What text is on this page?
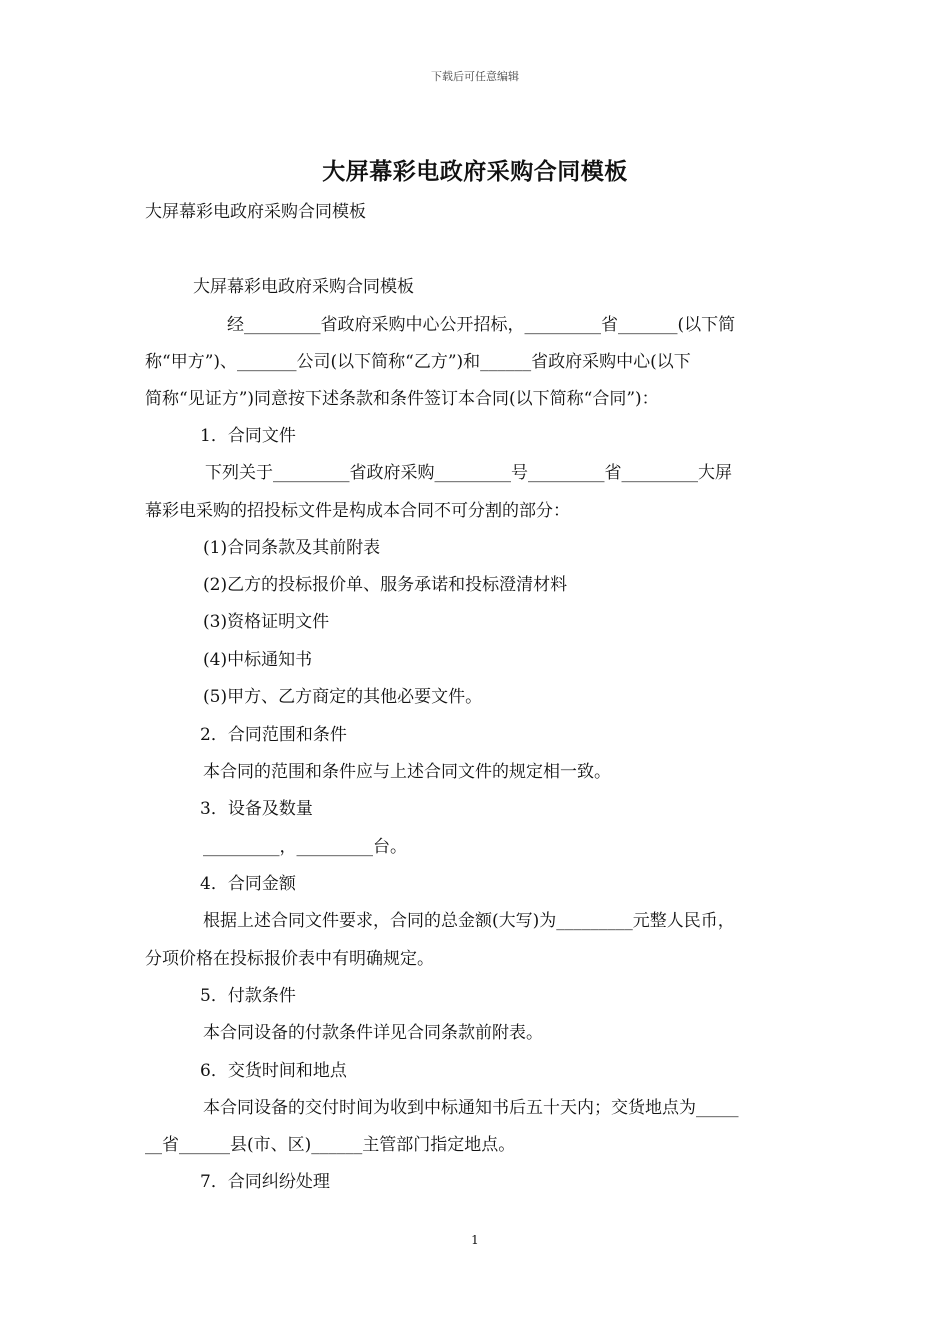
下载后可任意编辑
大屏幕彩电政府采购合同模板
大屏幕彩电政府采购合同模板
大屏幕彩电政府采购合同模板
经_________省政府采购中心公开招标，_________省_______(以下简
称“甲方”)、_______公司(以下简称“乙方”)和______省政府采购中心(以下
简称“见证方”)同意按下述条款和条件签订本合同(以下简称“合同”)：
1．合同文件
下列关于_________省政府采购_________号_________省_________大屏
幕彩电采购的招投标文件是构成本合同不可分割的部分：
(1)合同条款及其前附表
(2)乙方的投标报价单、服务承诺和投标澄清材料
(3)资格证明文件
(4)中标通知书
(5)甲方、乙方商定的其他必要文件。
2．合同范围和条件
本合同的范围和条件应与上述合同文件的规定相一致。
3．设备及数量
_________，_________台。
4．合同金额
根据上述合同文件要求，合同的总金额(大写)为_________元整人民币，
分项价格在投标报价表中有明确规定。
5．付款条件
本合同设备的付款条件详见合同条款前附表。
6．交货时间和地点
本合同设备的交付时间为收到中标通知书后五十天内；交货地点为_____
__省______县(市、区)______主管部门指定地点。
7．合同纠纷处理
1
